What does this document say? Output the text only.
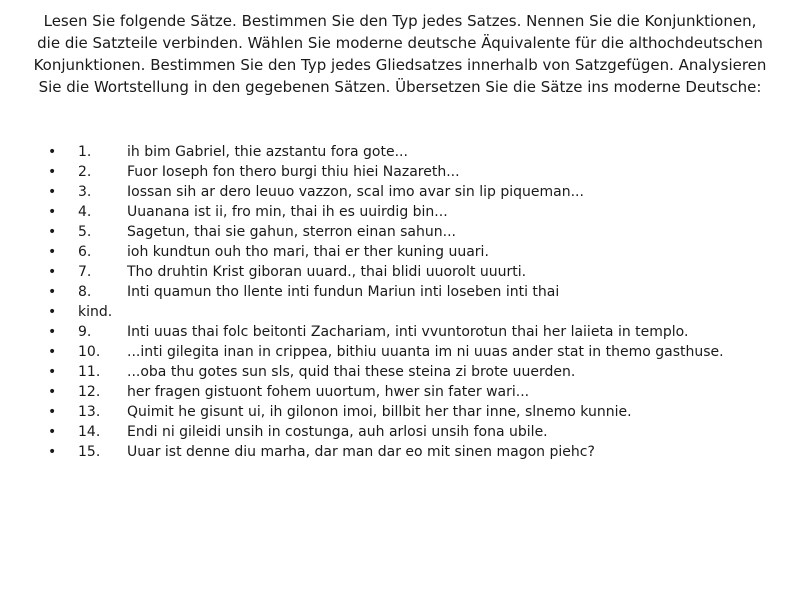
Lesen Sie folgende Sätze. Bestimmen Sie den Typ jedes Satzes. Nennen Sie die Konjunktionen, die die Satzteile verbinden. Wählen Sie moderne deutsche Äquivalente für die althochdeutschen Konjunktionen. Bestimmen Sie den Typ jedes Gliedsatzes innerhalb von Satzgefügen. Analysieren Sie die Wortstellung in den gegebenen Sätzen. Übersetzen Sie die Sätze ins moderne Deutsche:

• 1.	ih bim Gabriel, thie azstantu fora gote...
• 2.	Fuor Ioseph fon thero burgi thiu hiei Nazareth...
• 3.	Iossan sih ar dero leuuo vazzon, scal imo avar sin lip piqueman...
• 4.	Uuanana ist ii, fro min, thai ih es uuirdig bin...
• 5.	Sagetun, thai sie gahun, sterron einan sahun...
• 6.	ioh kundtun ouh tho mari, thai er ther kuning uuari.
• 7.	Tho druhtin Krist giboran uuard., thai blidi uuorolt uuurti.
• 8.	Inti quamun tho llente inti fundun Mariun inti loseben inti thai
• kind.
• 9.	Inti uuas thai folc beitonti Zachariam, inti vvuntorotun thai her laiieta in templo.
• 10. ...inti gilegita inan in crippea, bithiu uuanta im ni uuas ander stat in themo gasthuse.
• 11. ...oba thu gotes sun sls, quid thai these steina zi brote uuerden.
• 12. her fragen gistuont fohem uuortum, hwer sin fater wari...
• 13. Quimit he gisunt ui, ih gilonon imoi, billbit her thar inne, slnemo kunnie.
• 14. Endi ni gileidi unsih in costunga, auh arlosi unsih fona ubile.
• 15. Uuar ist denne diu marha, dar man dar eo mit sinen magon piehc?
